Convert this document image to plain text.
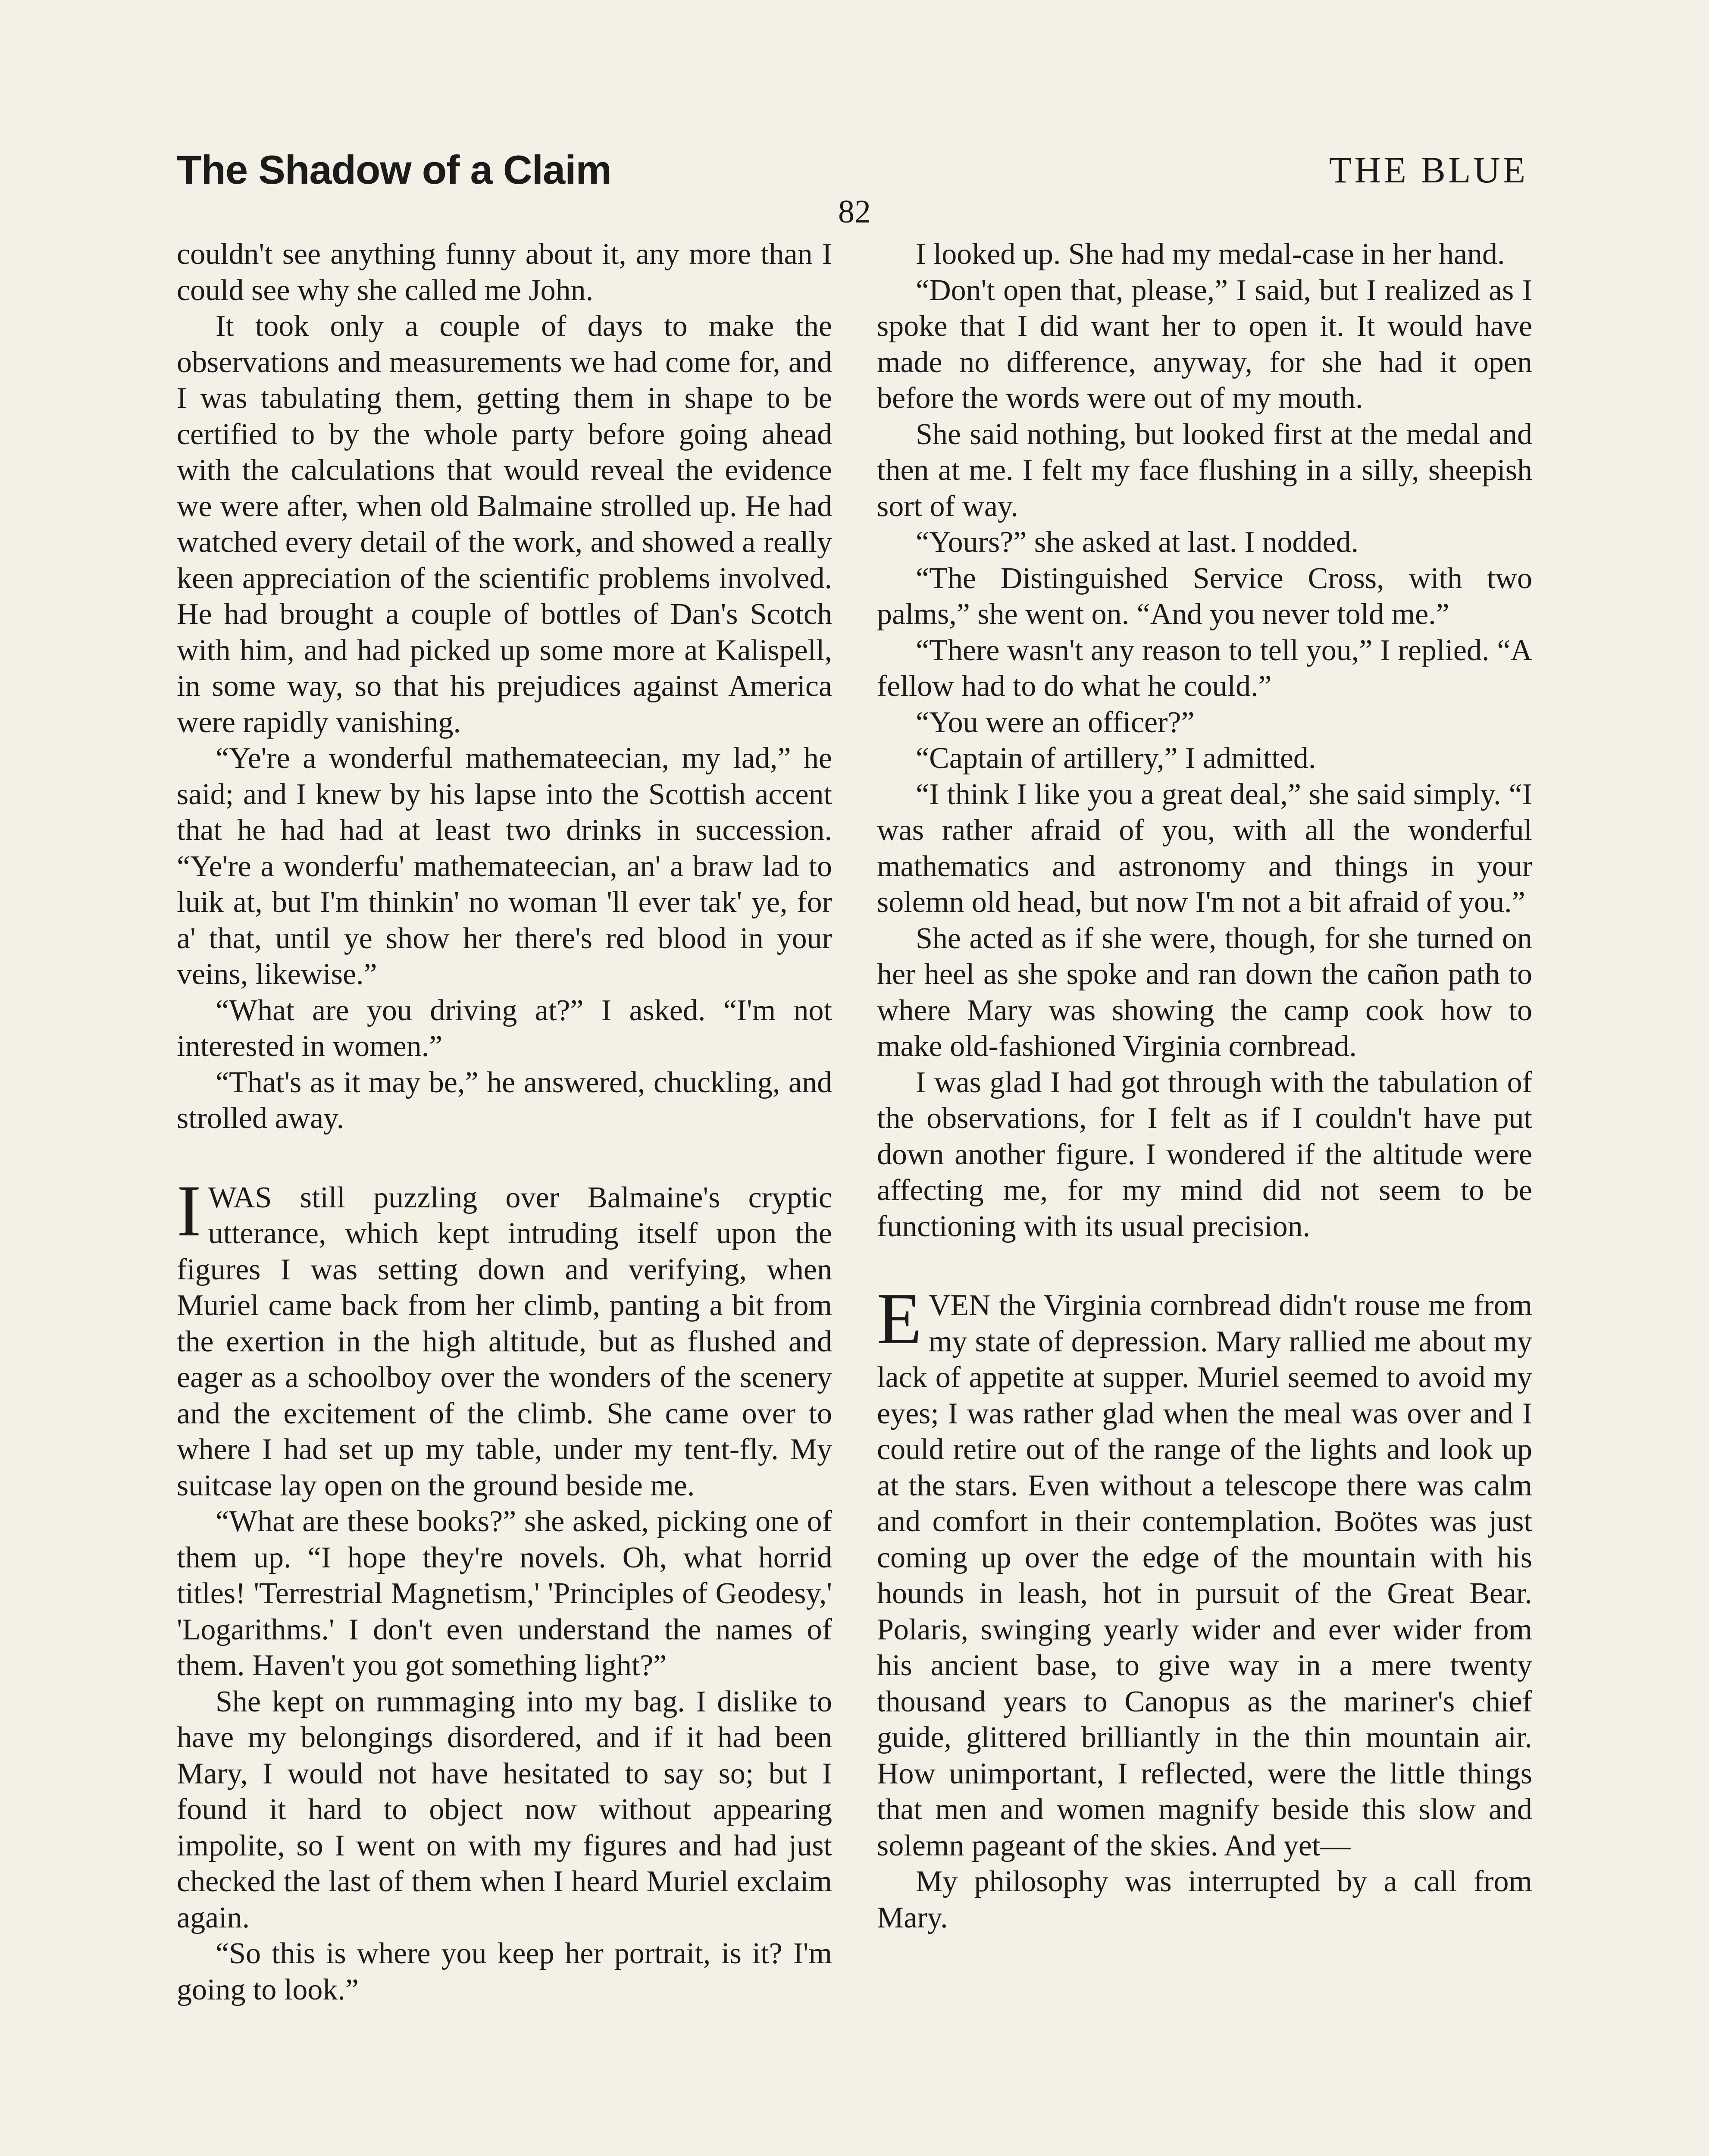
The Shadow of a Claim	THE BLUE
82

couldn't see anything funny about it, any more than I could see why she called me John.

It took only a couple of days to make the observations and measurements we had come for, and I was tabulating them, getting them in shape to be certified to by the whole party before going ahead with the calculations that would reveal the evidence we were after, when old Balmaine strolled up. He had watched every detail of the work, and showed a really keen appreciation of the scientific problems involved. He had brought a couple of bottles of Dan's Scotch with him, and had picked up some more at Kalispell, in some way, so that his prejudices against America were rapidly vanishing.

“Ye're a wonderful mathemateecian, my lad,” he said; and I knew by his lapse into the Scottish accent that he had had at least two drinks in succession. “Ye're a wonderfu' mathemateecian, an' a braw lad to luik at, but I'm thinkin' no woman 'll ever tak' ye, for a' that, until ye show her there's red blood in your veins, likewise.”

“What are you driving at?” I asked. “I'm not interested in women.”

“That's as it may be,” he answered, chuckling, and strolled away.

IWAS still puzzling over Balmaine's cryptic utterance, which kept intruding itself upon the figures I was setting down and verifying, when Muriel came back from her climb, panting a bit from the exertion in the high altitude, but as flushed and eager as a schoolboy over the wonders of the scenery and the excitement of the climb. She came over to where I had set up my table, under my tent-fly. My suitcase lay open on the ground beside me.

“What are these books?” she asked, picking one of them up. “I hope they're novels. Oh, what horrid titles! 'Terrestrial Magnetism,' 'Principles of Geodesy,' 'Logarithms.' I don't even understand the names of them. Haven't you got something light?”

She kept on rummaging into my bag. I dislike to have my belongings disordered, and if it had been Mary, I would not have hesitated to say so; but I found it hard to object now without appearing impolite, so I went on with my figures and had just checked the last of them when I heard Muriel exclaim again.

“So this is where you keep her portrait, is it? I'm going to look.”

I looked up. She had my medal-case in her hand.

“Don't open that, please,” I said, but I realized as I spoke that I did want her to open it. It would have made no difference, anyway, for she had it open before the words were out of my mouth.

She said nothing, but looked first at the medal and then at me. I felt my face flushing in a silly, sheepish sort of way.

“Yours?” she asked at last. I nodded.

“The Distinguished Service Cross, with two palms,” she went on. “And you never told me.”

“There wasn't any reason to tell you,” I replied. “A fellow had to do what he could.”

“You were an officer?”

“Captain of artillery,” I admitted.

“I think I like you a great deal,” she said simply. “I was rather afraid of you, with all the wonderful mathematics and astronomy and things in your solemn old head, but now I'm not a bit afraid of you.”

She acted as if she were, though, for she turned on her heel as she spoke and ran down the cañon path to where Mary was showing the camp cook how to make old-fashioned Virginia cornbread.

I was glad I had got through with the tabulation of the observations, for I felt as if I couldn't have put down another figure. I wondered if the altitude were affecting me, for my mind did not seem to be functioning with its usual precision.

EVEN the Virginia cornbread didn't rouse me from my state of depression. Mary rallied me about my lack of appetite at supper. Muriel seemed to avoid my eyes; I was rather glad when the meal was over and I could retire out of the range of the lights and look up at the stars. Even without a telescope there was calm and comfort in their contemplation. Boötes was just coming up over the edge of the mountain with his hounds in leash, hot in pursuit of the Great Bear. Polaris, swinging yearly wider and ever wider from his ancient base, to give way in a mere twenty thousand years to Canopus as the mariner's chief guide, glittered brilliantly in the thin mountain air. How unimportant, I reflected, were the little things that men and women magnify beside this slow and solemn pageant of the skies. And yet—

My philosophy was interrupted by a call from Mary.
